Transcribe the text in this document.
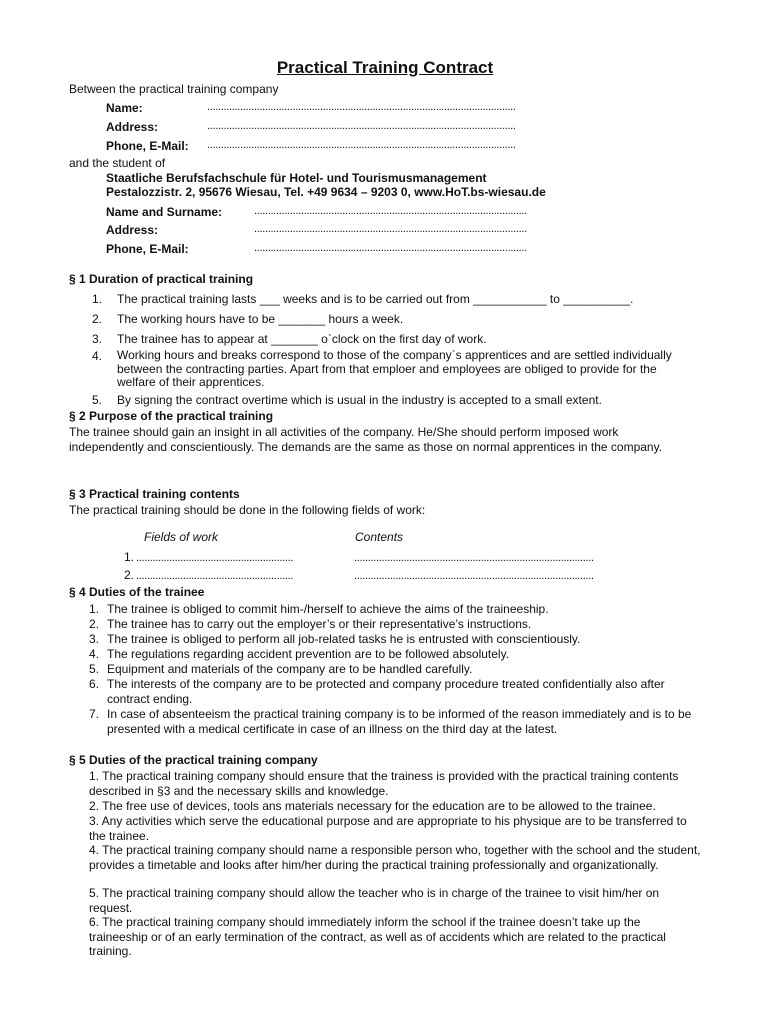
Practical Training Contract
Between the practical training company
Name:	................................................................................................................
Address:	................................................................................................................
Phone, E-Mail: ................................................................................................................
and the student of
Staatliche Berufsfachschule für Hotel- und Tourismusmanagement
Pestalozzistr. 2, 95676 Wiesau, Tel. +49 9634 – 9203 0, www.HoT.bs-wiesau.de
Name and Surname:	...................................................................................................
Address:	...................................................................................................
Phone, E-Mail:	...................................................................................................
§ 1 Duration of practical training
1. The practical training lasts ___ weeks and is to be carried out from ___________ to __________.
2. The working hours have to be _______ hours a week.
3. The trainee has to appear at _______ o`clock on the first day of work.
4. Working hours and breaks correspond to those of the company`s apprentices and are settled individually between the contracting parties. Apart from that emploer and employees are obliged to provide for the welfare of their apprentices.
5. By signing the contract overtime which is usual in the industry is accepted to a small extent.
§ 2 Purpose of the practical training
The trainee should gain an insight in all activities of the company. He/She should perform imposed work independently and conscientiously. The demands are the same as those on normal apprentices in the company.
§ 3 Practical training contents
The practical training should be done in the following fields of work:
Fields of work	Contents
1. .........................................................	.......................................................................................
2. .........................................................	.......................................................................................
§ 4 Duties of the trainee
1. The trainee is obliged to commit him-/herself to achieve the aims of the traineeship.
2. The trainee has to carry out the employer’s or their representative’s instructions.
3. The trainee is obliged to perform all job-related tasks he is entrusted with conscientiously.
4. The regulations regarding accident prevention are to be followed absolutely.
5. Equipment and materials of the company are to be handled carefully.
6. The interests of the company are to be protected and company procedure treated confidentially also after contract ending.
7. In case of absenteeism the practical training company is to be informed of the reason immediately and is to be presented with a medical certificate in case of an illness on the third day at the latest.
§ 5 Duties of the practical training company
1. The practical training company should ensure that the trainess is provided with the practical training contents described in §3 and the necessary skills and knowledge.
2. The free use of devices, tools ans materials necessary for the education are to be allowed to the trainee.
3. Any activities which serve the educational purpose and are appropriate to his physique are to be transferred to the trainee.
4. The practical training company should name a responsible person who, together with the school and the student, provides a timetable and looks after him/her during the practical training professionally and organizationally.
5. The practical training company should allow the teacher who is in charge of the trainee to visit him/her on request.
6. The practical training company should immediately inform the school if the trainee doesn’t take up the traineeship or of an early termination of the contract, as well as of accidents which are related to the practical training.
